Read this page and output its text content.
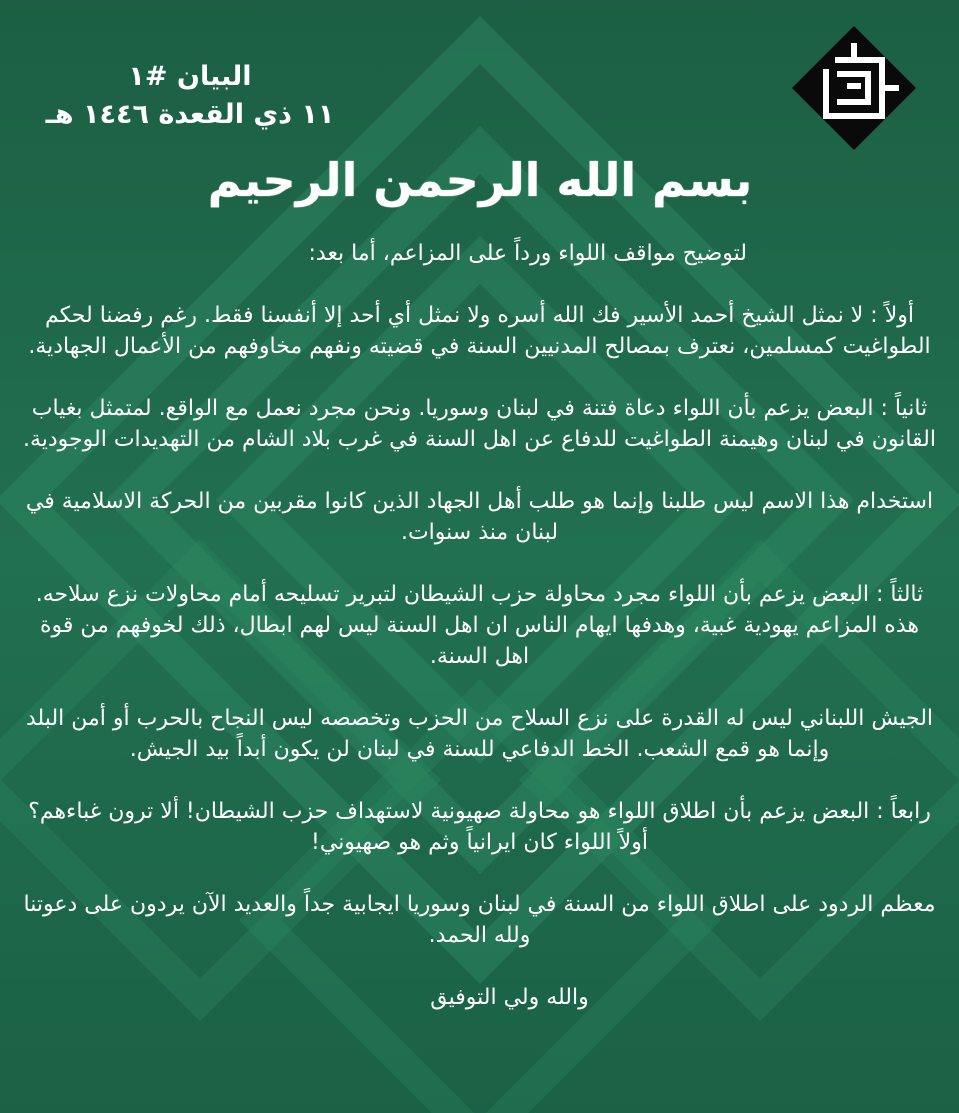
البيان #١
١١ ذي القعدة ١٤٤٦ هـ
بسم الله الرحمن الرحيم

لتوضيح مواقف اللواء ورداً على المزاعم، أما بعد:

أولاً : لا نمثل الشيخ أحمد الأسير فك الله أسره ولا نمثل أي أحد إلا أنفسنا فقط. رغم رفضنا لحكم الطواغيت كمسلمين، نعترف بمصالح المدنيين السنة في قضيته ونفهم مخاوفهم من الأعمال الجهادية.

ثانياً : البعض يزعم بأن اللواء دعاة فتنة في لبنان وسوريا. ونحن مجرد نعمل مع الواقع. لمتمثل بغياب القانون في لبنان وهيمنة الطواغيت للدفاع عن اهل السنة في غرب بلاد الشام من التهديدات الوجودية.

استخدام هذا الاسم ليس طلبنا وإنما هو طلب أهل الجهاد الذين كانوا مقربين من الحركة الاسلامية في لبنان منذ سنوات.

ثالثاً : البعض يزعم بأن اللواء مجرد محاولة حزب الشيطان لتبرير تسليحه أمام محاولات نزع سلاحه. هذه المزاعم يهودية غبية، وهدفها ايهام الناس ان اهل السنة ليس لهم ابطال، ذلك لخوفهم من قوة اهل السنة.

الجيش اللبناني ليس له القدرة على نزع السلاح من الحزب وتخصصه ليس النجاح بالحرب أو أمن البلد وإنما هو قمع الشعب. الخط الدفاعي للسنة في لبنان لن يكون أبداً بيد الجيش.

رابعاً : البعض يزعم بأن اطلاق اللواء هو محاولة صهيونية لاستهداف حزب الشيطان! ألا ترون غباءهم؟ أولاً اللواء كان ايرانياً وثم هو صهيوني!

معظم الردود على اطلاق اللواء من السنة في لبنان وسوريا ايجابية جداً والعديد الآن يردون على دعوتنا ولله الحمد.

والله ولي التوفيق
